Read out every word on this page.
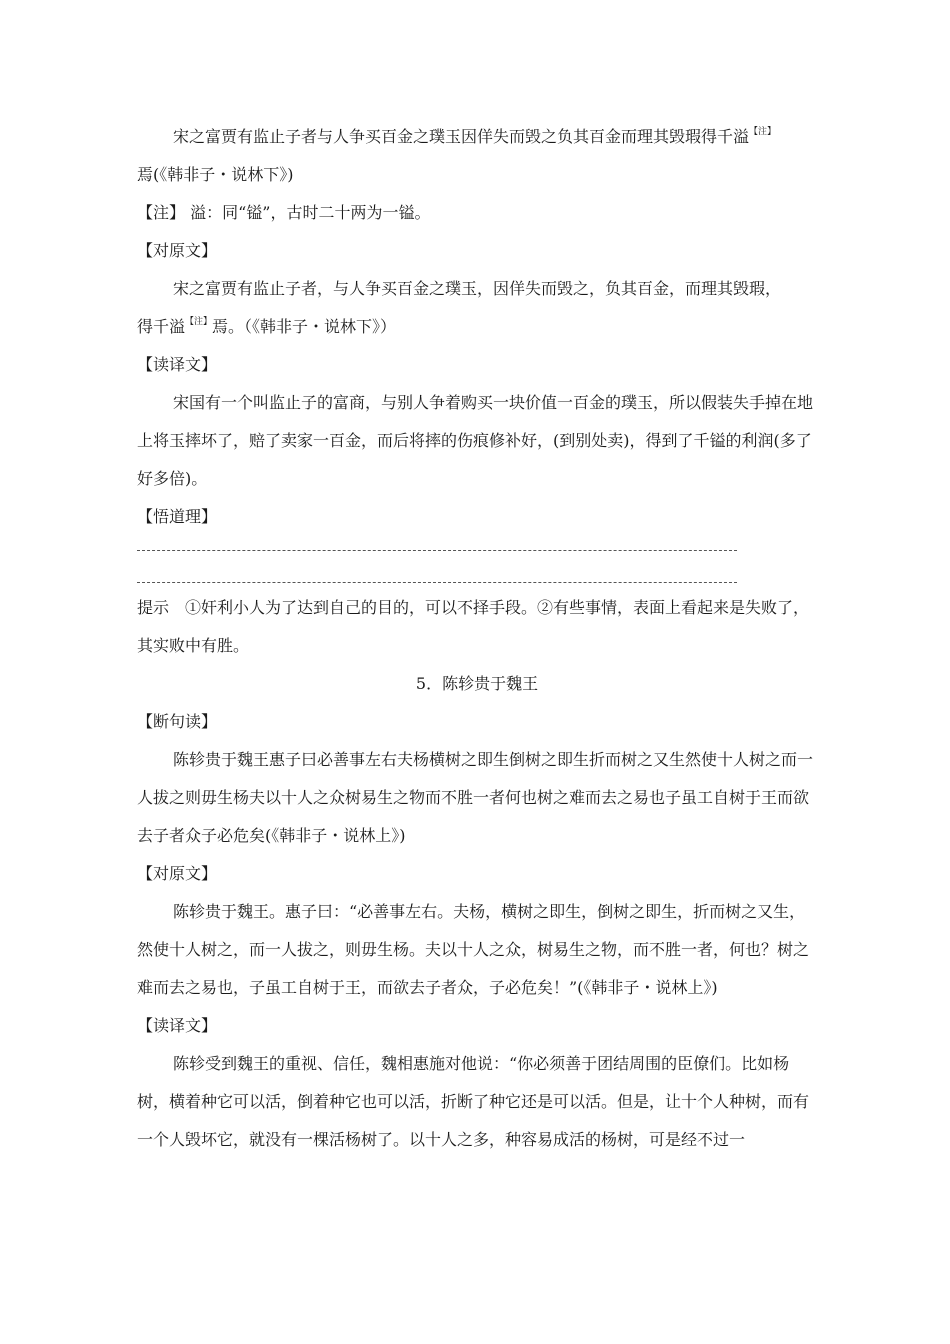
宋之富贾有监止子者与人争买百金之璞玉因佯失而毁之负其百金而理其毁瑕得千溢$^{【注】}$

焉(《韩非子・说林下》)

【注】 溢：同“镒”，古时二十两为一镒。

【对原文】

宋之富贾有监止子者，与人争买百金之璞玉，因佯失而毁之，负其百金，而理其毁瑕，

得千溢$^{【注】}$焉。（《韩非子・说林下》）

【读译文】

宋国有一个叫监止子的富商，与别人争着购买一块价值一百金的璞玉，所以假装失手掉在地上将玉摔坏了，赔了卖家一百金，而后将摔的伤痕修补好，(到别处卖)，得到了千镒的利润(多了好多倍)。

【悟道理】

提示　①奸利小人为了达到自己的目的，可以不择手段。②有些事情，表面上看起来是失败了，其实败中有胜。

5．陈轸贵于魏王

【断句读】

陈轸贵于魏王惠子曰必善事左右夫杨横树之即生倒树之即生折而树之又生然使十人树之而一人拔之则毋生杨夫以十人之众树易生之物而不胜一者何也树之难而去之易也子虽工自树于王而欲去子者众子必危矣(《韩非子・说林上》)

【对原文】

陈轸贵于魏王。惠子曰：“必善事左右。夫杨，横树之即生，倒树之即生，折而树之又生，然使十人树之，而一人拔之，则毋生杨。夫以十人之众，树易生之物，而不胜一者，何也？树之难而去之易也，子虽工自树于王，而欲去子者众，子必危矣！”(《韩非子・说林上》)

【读译文】

陈轸受到魏王的重视、信任，魏相惠施对他说：“你必须善于团结周围的臣僚们。比如杨树，横着种它可以活，倒着种它也可以活，折断了种它还是可以活。但是，让十个人种树，而有一个人毁坏它，就没有一棵活杨树了。以十人之多，种容易成活的杨树，可是经不过一
